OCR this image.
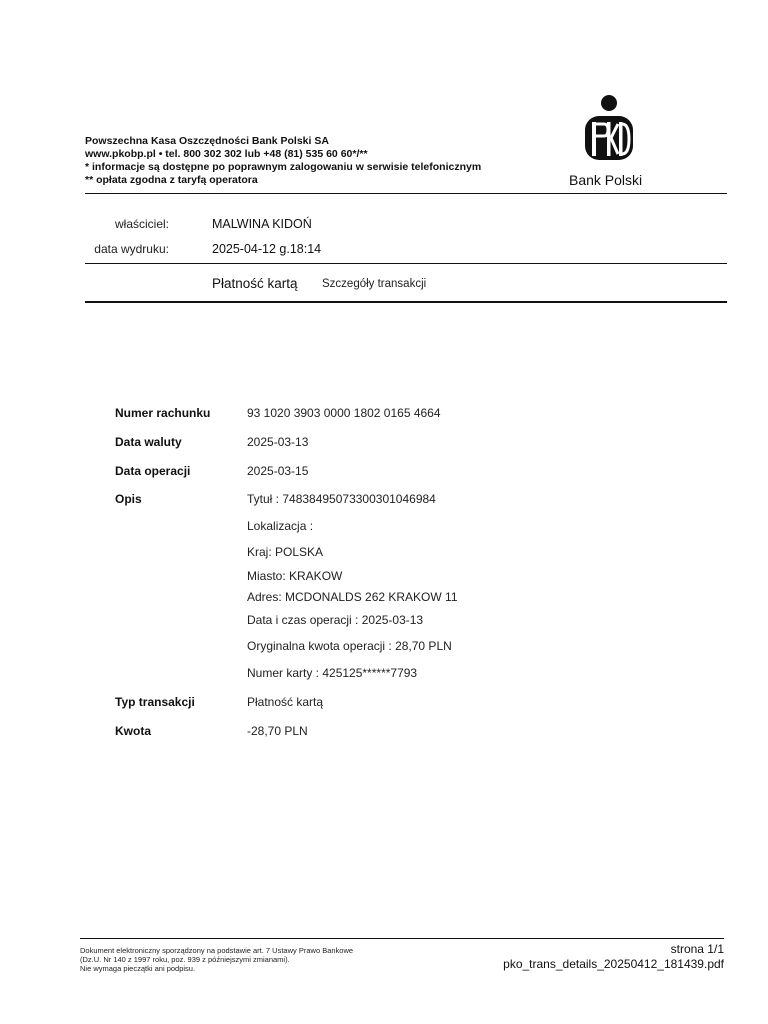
Powszechna Kasa Oszczędności Bank Polski SA
www.pkobp.pl • tel. 800 302 302 lub +48 (81) 535 60 60*/**
* informacje są dostępne po poprawnym zalogowaniu w serwisie telefonicznym
** opłata zgodna z taryfą operatora	Bank Polski
właściciel:	MALWINA KIDOŃ
data wydruku:	2025-04-12 g.18:14
Płatność kartą Szczegóły transakcji
Numer rachunku	93 1020 3903 0000 1802 0165 4664
Data waluty	2025-03-13
Data operacji	2025-03-15
Opis	Tytuł : 74838495073300301046984
Lokalizacja :
Kraj: POLSKA
Miasto: KRAKOW
Adres: MCDONALDS 262 KRAKOW 11
Data i czas operacji : 2025-03-13
Oryginalna kwota operacji : 28,70 PLN
Numer karty : 425125******7793
Typ transakcji	Płatność kartą
Kwota	-28,70 PLN
Dokument elektroniczny sporządzony na podstawie art. 7 Ustawy Prawo Bankowe
(Dz.U. Nr 140 z 1997 roku, poz. 939 z późniejszymi zmianami).
Nie wymaga pieczątki ani podpisu.
strona 1/1
pko_trans_details_20250412_181439.pdf
